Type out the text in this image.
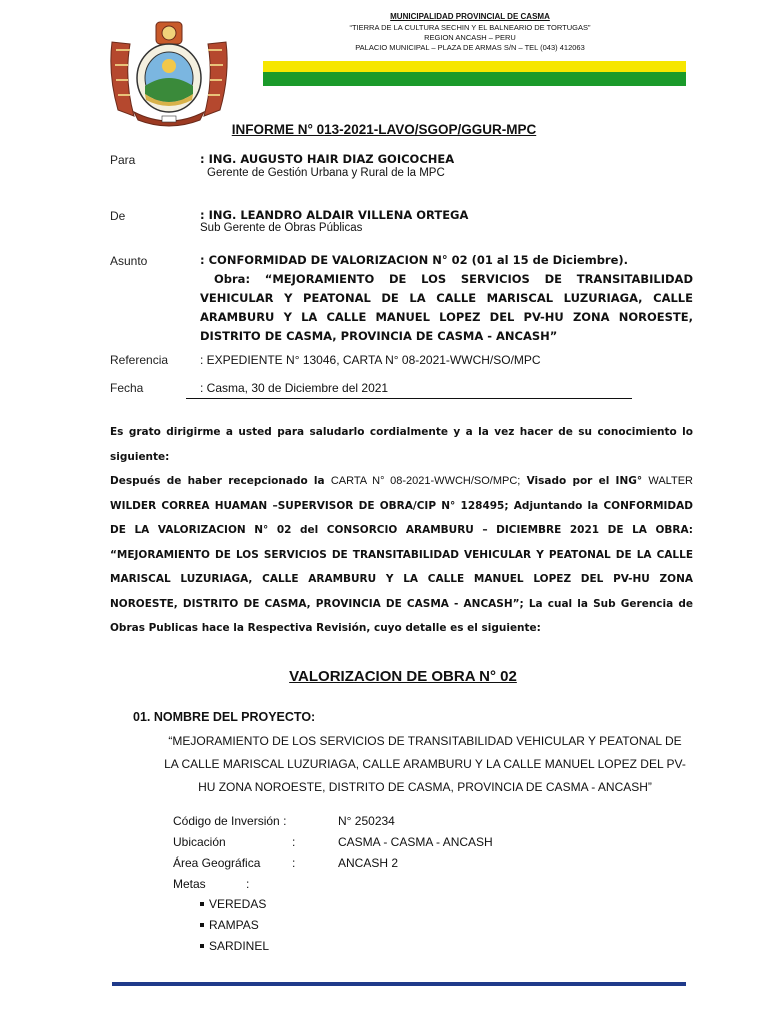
MUNICIPALIDAD PROVINCIAL DE CASMA
“TIERRA DE LA CULTURA SECHIN Y EL BALNEARIO DE TORTUGAS”
REGION ANCASH – PERU
PALACIO MUNICIPAL – PLAZA DE ARMAS S/N – TEL (043) 412063
INFORME N° 013-2021-LAVO/SGOP/GGUR-MPC
Para	: ING. AUGUSTO HAIR DIAZ GOICOCHEA
Gerente de Gestión Urbana y Rural de la MPC
De	: ING. LEANDRO ALDAIR VILLENA ORTEGA
Sub Gerente de Obras Públicas
Asunto	: CONFORMIDAD DE VALORIZACION N° 02 (01 al 15 de Diciembre).
Obra: “MEJORAMIENTO DE LOS SERVICIOS DE TRANSITABILIDAD VEHICULAR Y PEATONAL DE LA CALLE MARISCAL LUZURIAGA, CALLE ARAMBURU Y LA CALLE MANUEL LOPEZ DEL PV-HU ZONA NOROESTE, DISTRITO DE CASMA, PROVINCIA DE CASMA - ANCASH”
Referencia	: EXPEDIENTE N° 13046, CARTA N° 08-2021-WWCH/SO/MPC
Fecha	: Casma, 30 de Diciembre del 2021
Es grato dirigirme a usted para saludarlo cordialmente y a la vez hacer de su conocimiento lo siguiente:
Después de haber recepcionado la CARTA N° 08-2021-WWCH/SO/MPC; Visado por el ING° WALTER WILDER CORREA HUAMAN –SUPERVISOR DE OBRA/CIP N° 128495; Adjuntando la CONFORMIDAD DE LA VALORIZACION N° 02 del CONSORCIO ARAMBURU – DICIEMBRE 2021 DE LA OBRA: “MEJORAMIENTO DE LOS SERVICIOS DE TRANSITABILIDAD VEHICULAR Y PEATONAL DE LA CALLE MARISCAL LUZURIAGA, CALLE ARAMBURU Y LA CALLE MANUEL LOPEZ DEL PV-HU ZONA NOROESTE, DISTRITO DE CASMA, PROVINCIA DE CASMA - ANCASH”; La cual la Sub Gerencia de Obras Publicas hace la Respectiva Revisión, cuyo detalle es el siguiente:
VALORIZACION DE OBRA N° 02
01. NOMBRE DEL PROYECTO:
“MEJORAMIENTO DE LOS SERVICIOS DE TRANSITABILIDAD VEHICULAR Y PEATONAL DE LA CALLE MARISCAL LUZURIAGA, CALLE ARAMBURU Y LA CALLE MANUEL LOPEZ DEL PV-HU ZONA NOROESTE, DISTRITO DE CASMA, PROVINCIA DE CASMA - ANCASH”
Código de Inversión :	N° 250234
Ubicación	:	CASMA - CASMA - ANCASH
Área Geográfica	:	ANCASH 2
Metas	:
VEREDAS
RAMPAS
SARDINEL
